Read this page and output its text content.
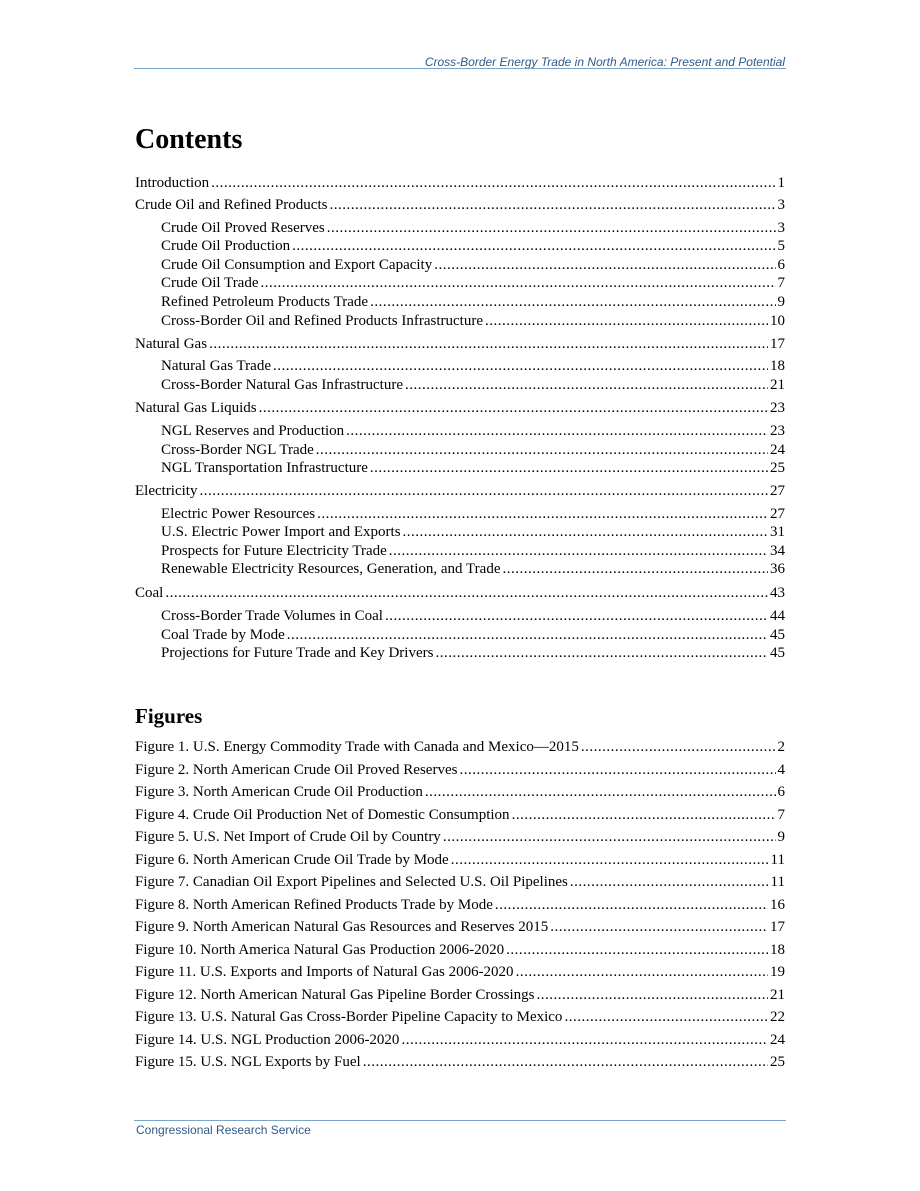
Cross-Border Energy Trade in North America: Present and Potential
Contents
Introduction .....	1
Crude Oil and Refined Products .....	3
Crude Oil Proved Reserves .....	3
Crude Oil Production .....	5
Crude Oil Consumption and Export Capacity .....	6
Crude Oil Trade .....	7
Refined Petroleum Products Trade .....	9
Cross-Border Oil and Refined Products Infrastructure .....	10
Natural Gas .....	17
Natural Gas Trade .....	18
Cross-Border Natural Gas Infrastructure .....	21
Natural Gas Liquids .....	23
NGL Reserves and Production .....	23
Cross-Border NGL Trade .....	24
NGL Transportation Infrastructure .....	25
Electricity .....	27
Electric Power Resources .....	27
U.S. Electric Power Import and Exports .....	31
Prospects for Future Electricity Trade .....	34
Renewable Electricity Resources, Generation, and Trade .....	36
Coal .....	43
Cross-Border Trade Volumes in Coal .....	44
Coal Trade by Mode .....	45
Projections for Future Trade and Key Drivers .....	45
Figures
Figure 1. U.S. Energy Commodity Trade with Canada and Mexico—2015 .....	2
Figure 2. North American Crude Oil Proved Reserves .....	4
Figure 3. North American Crude Oil Production .....	6
Figure 4. Crude Oil Production Net of Domestic Consumption .....	7
Figure 5. U.S. Net Import of Crude Oil by Country .....	9
Figure 6. North American Crude Oil Trade by Mode .....	11
Figure 7. Canadian Oil Export Pipelines and Selected U.S. Oil Pipelines .....	11
Figure 8. North American Refined Products Trade by Mode .....	16
Figure 9. North American Natural Gas Resources and Reserves 2015 .....	17
Figure 10. North America Natural Gas Production 2006-2020 .....	18
Figure 11. U.S. Exports and Imports of Natural Gas 2006-2020 .....	19
Figure 12. North American Natural Gas Pipeline Border Crossings .....	21
Figure 13. U.S. Natural Gas Cross-Border Pipeline Capacity to Mexico .....	22
Figure 14. U.S. NGL Production 2006-2020 .....	24
Figure 15. U.S. NGL Exports by Fuel .....	25
Congressional Research Service
